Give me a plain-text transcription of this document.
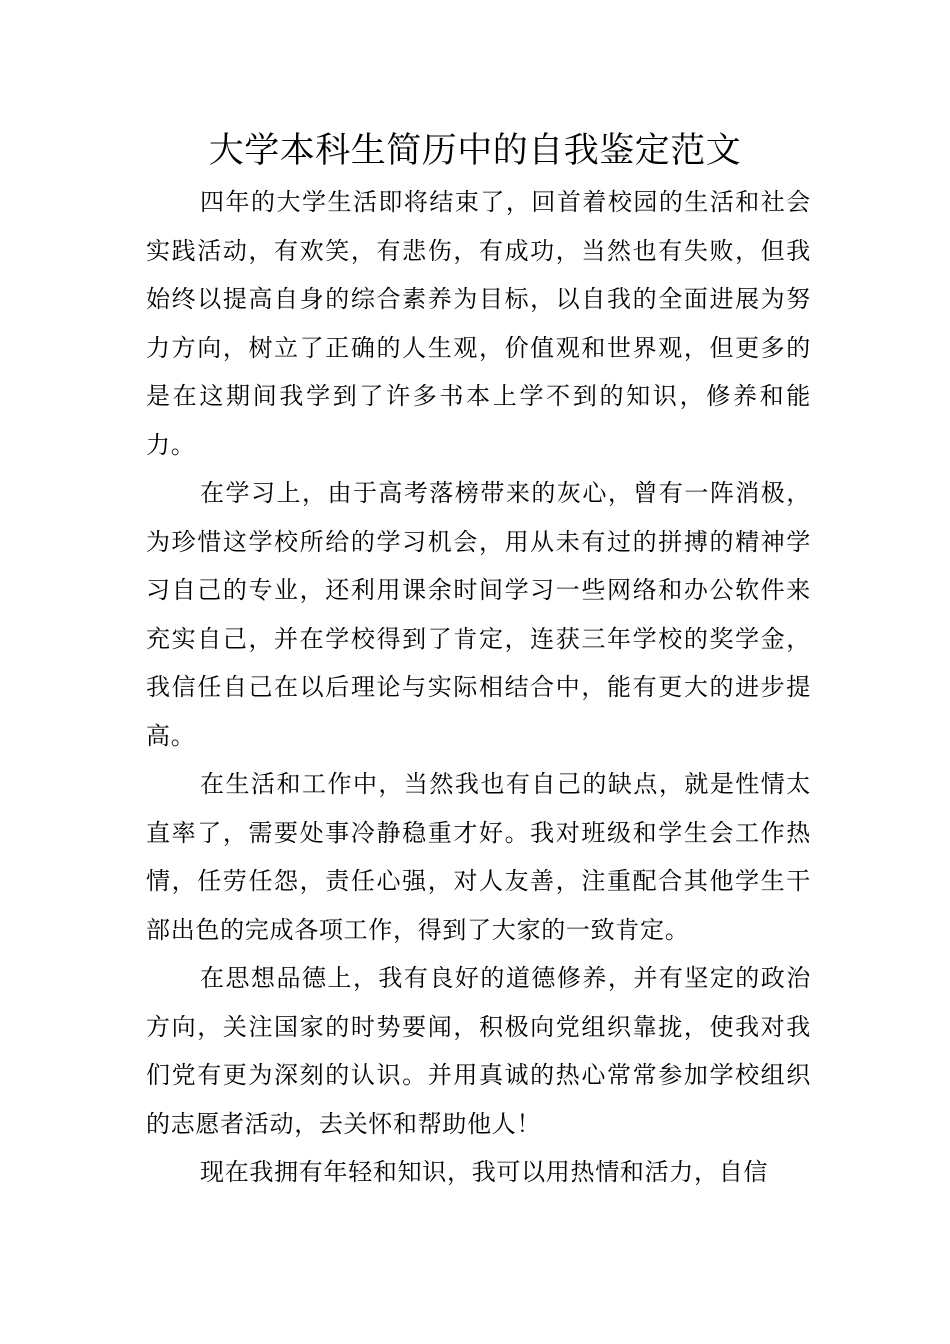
大学本科生简历中的自我鉴定范文

四年的大学生活即将结束了，回首着校园的生活和社会实践活动，有欢笑，有悲伤，有成功，当然也有失败，但我始终以提高自身的综合素养为目标，以自我的全面进展为努力方向，树立了正确的人生观，价值观和世界观，但更多的是在这期间我学到了许多书本上学不到的知识，修养和能力。

在学习上，由于高考落榜带来的灰心，曾有一阵消极，为珍惜这学校所给的学习机会，用从未有过的拼搏的精神学习自己的专业，还利用课余时间学习一些网络和办公软件来充实自己，并在学校得到了肯定，连获三年学校的奖学金，我信任自己在以后理论与实际相结合中，能有更大的进步提高。

在生活和工作中，当然我也有自己的缺点，就是性情太直率了，需要处事冷静稳重才好。我对班级和学生会工作热情，任劳任怨，责任心强，对人友善，注重配合其他学生干部出色的完成各项工作，得到了大家的一致肯定。

在思想品德上，我有良好的道德修养，并有坚定的政治方向，关注国家的时势要闻，积极向党组织靠拢，使我对我们党有更为深刻的认识。并用真诚的热心常常参加学校组织的志愿者活动，去关怀和帮助他人！

现在我拥有年轻和知识，我可以用热情和活力，自信
